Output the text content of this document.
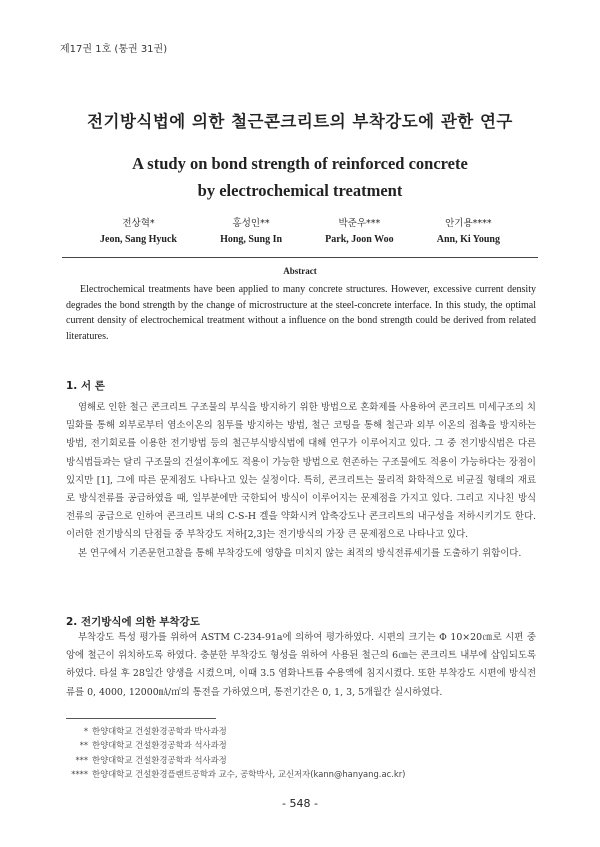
제17권 1호 (통권 31권)
전기방식법에 의한 철근콘크리트의 부착강도에 관한 연구
A study on bond strength of reinforced concrete
by electrochemical treatment
전상혁*
Jeon, Sang Hyuck
홍성인**
Hong, Sung In
박준우***
Park, Joon Woo
안기용****
Ann, Ki Young
Abstract
Electrochemical treatments have been applied to many concrete structures. However, excessive current density degrades the bond strength by the change of microstructure at the steel-concrete interface. In this study, the optimal current density of electrochemical treatment without a influence on the bond strength could be derived from related literatures.
1. 서 론

염해로 인한 철근 콘크리트 구조물의 부식을 방지하기 위한 방법으로 혼화제를 사용하여 콘크리트 미세구조의 치밀화를 통해 외부로부터 염소이온의 침투를 방지하는 방법, 철근 코팅을 통해 철근과 외부 이온의 접촉을 방지하는 방법, 전기회로를 이용한 전기방법 등의 철근부식방식법에 대해 연구가 이루어지고 있다. 그 중 전기방식법은 다른 방식법들과는 달리 구조물의 건설이후에도 적용이 가능한 방법으로 현존하는 구조물에도 적용이 가능하다는 장점이 있지만 [1], 그에 따른 문제점도 나타나고 있는 실정이다. 특히, 콘크리트는 물리적 화학적으로 비균질 형태의 재료로 방식전류를 공급하였을 때, 일부분에만 국한되어 방식이 이루어지는 문제점을 가지고 있다. 그리고 지나친 방식 전류의 공급으로 인하여 콘크리트 내의 C-S-H 겔을 약화시켜 압축강도나 콘크리트의 내구성을 저하시키기도 한다. 이러한 전기방식의 단점들 중 부착강도 저하[2,3]는 전기방식의 가장 큰 문제점으로 나타나고 있다.

본 연구에서 기존문헌고찰을 통해 부착강도에 영향을 미치지 않는 최적의 방식전류세기를 도출하기 위함이다.

2. 전기방식에 의한 부착강도

부착강도 특성 평가를 위하여 ASTM C-234-91a에 의하여 평가하였다. 시편의 크기는 Φ 10×20㎝로 시편 중앙에 철근이 위치하도록 하였다. 충분한 부착강도 형성을 위하여 사용된 철근의 6㎝는 콘크리트 내부에 삽입되도록 하였다. 타설 후 28일간 양생을 시켰으며, 이때 3.5 염화나트륨 수용액에 침지시켰다. 또한 부착강도 시편에 방식전류를 0, 4000, 12000㎃/㎡의 통전을 가하였으며, 통전기간은 0, 1, 3, 5개월간 실시하였다.

* 한양대학교 건설환경공학과 박사과정
** 한양대학교 건설환경공학과 석사과정
*** 한양대학교 건설환경공학과 석사과정
**** 한양대학교 건설환경플랜트공학과 교수, 공학박사, 교신저자(kann@hanyang.ac.kr)
- 548 -
